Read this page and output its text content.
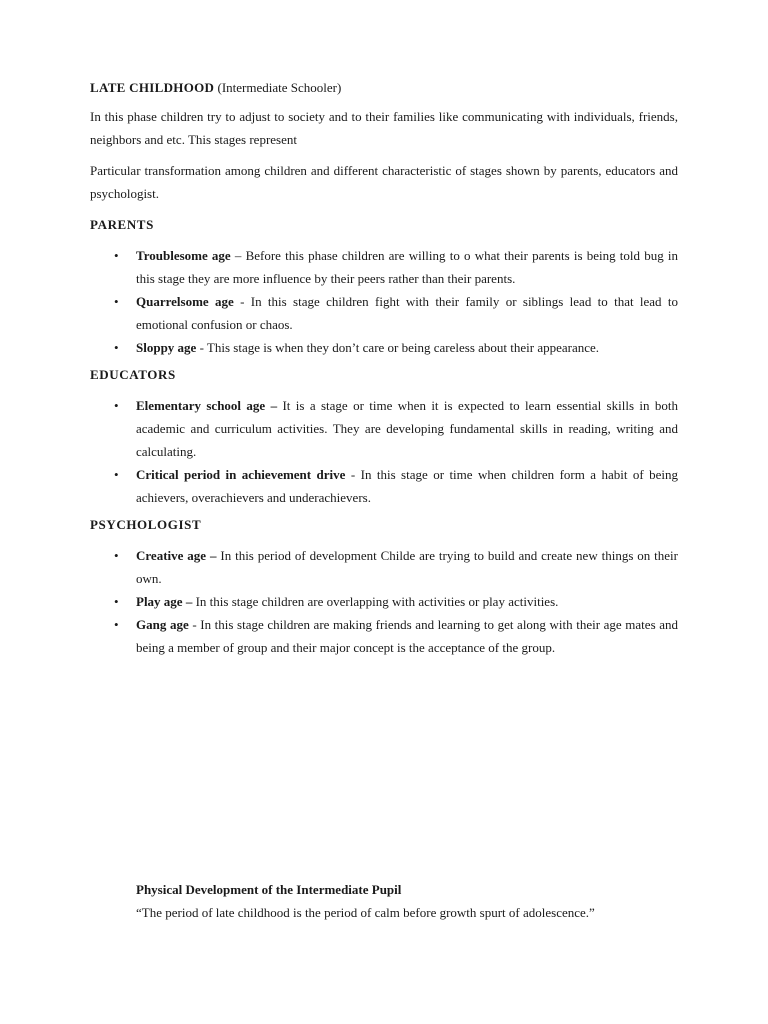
LATE CHILDHOOD (Intermediate Schooler)

In this phase children try to adjust to society and to their families like communicating with individuals, friends, neighbors and etc. This stages represent

Particular transformation among children and different characteristic of stages shown by parents, educators and psychologist.

PARENTS

• Troublesome age – Before this phase children are willing to o what their parents is being told bug in this stage they are more influence by their peers rather than their parents.
• Quarrelsome age - In this stage children fight with their family or siblings lead to that lead to emotional confusion or chaos.
• Sloppy age - This stage is when they don’t care or being careless about their appearance.

EDUCATORS

• Elementary school age – It is a stage or time when it is expected to learn essential skills in both academic and curriculum activities. They are developing fundamental skills in reading, writing and calculating.
• Critical period in achievement drive - In this stage or time when children form a habit of being achievers, overachievers and underachievers.

PSYCHOLOGIST

• Creative age – In this period of development Childe are trying to build and create new things on their own.
• Play age – In this stage children are overlapping with activities or play activities.
• Gang age - In this stage children are making friends and learning to get along with their age mates and being a member of group and their major concept is the acceptance of the group.

Physical Development of the Intermediate Pupil

“The period of late childhood is the period of calm before growth spurt of adolescence.”
